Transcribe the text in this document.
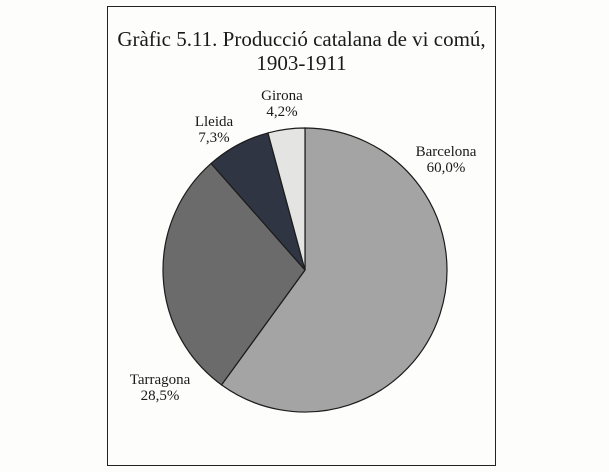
Gràfic 5.11. Producció catalana de vi comú,
1903-1911
Barcelona
60,0%
Tarragona
28,5%
Lleida
7,3%
Girona
4,2%
